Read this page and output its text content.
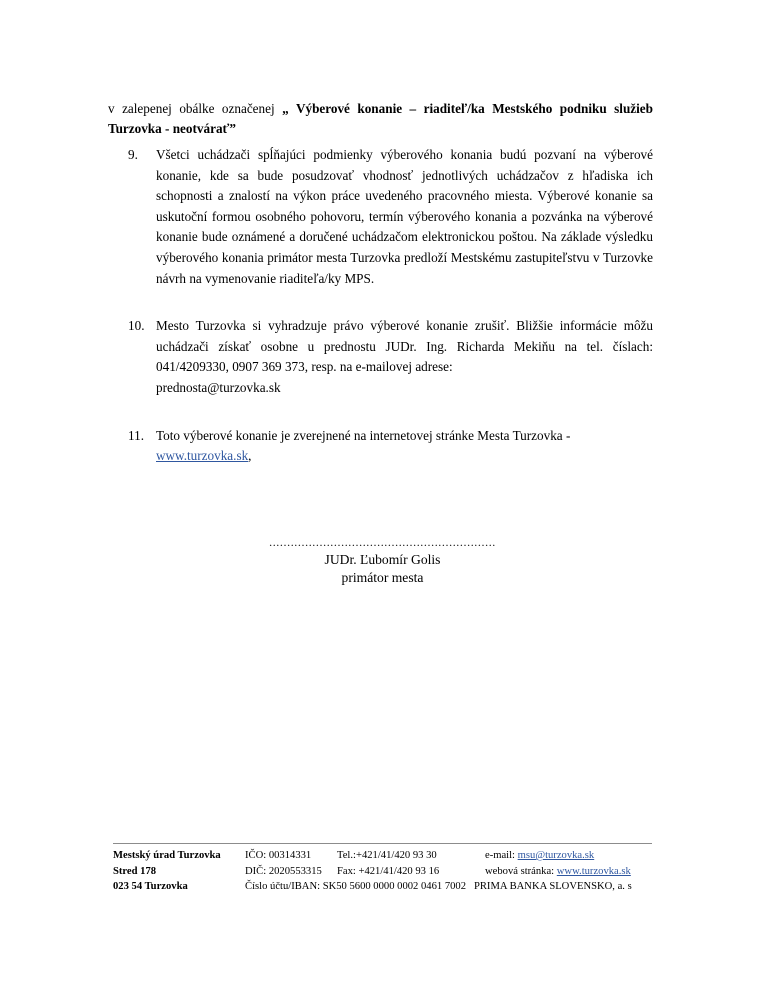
v zalepenej obálke označenej „ Výberové konanie – riaditeľ/ka Mestského podniku služieb Turzovka - neotvárať”

9.	Všetci uchádzači spĺňajúci podmienky výberového konania budú pozvaní na výberové konanie, kde sa bude posudzovať vhodnosť jednotlivých uchádzačov z hľadiska ich schopnosti a znalostí na výkon práce uvedeného pracovného miesta. Výberové konanie sa uskutoční formou osobného pohovoru, termín výberového konania a pozvánka na výberové konanie bude oznámené a doručené uchádzačom elektronickou poštou. Na základe výsledku výberového konania primátor mesta Turzovka predloží Mestskému zastupiteľstvu v Turzovke návrh na vymenovanie riaditeľa/ky MPS.
10. Mesto Turzovka si vyhradzuje právo výberové konanie zrušiť. Bližšie informácie môžu uchádzači získať osobne u prednostu JUDr. Ing. Richarda Mekiňu na tel. číslach: 041/4209330, 0907 369 373, resp. na e-mailovej adrese:
prednosta@turzovka.sk
11. Toto výberové konanie je zverejnené na internetovej stránke Mesta Turzovka -
www.turzovka.sk,
...............................................................
JUDr. Ľubomír Golis
primátor mesta
Mestský úrad Turzovka	IČO: 00314331	Tel.:+421/41/420 93 30	e-mail: msu@turzovka.sk
Stred 178	DIČ: 2020553315	Fax: +421/41/420 93 16	webová stránka: www.turzovka.sk
023 54 Turzovka	Číslo účtu/IBAN: SK50 5600 0000 0002 0461 7002 PRIMA BANKA SLOVENSKO, a. s		
